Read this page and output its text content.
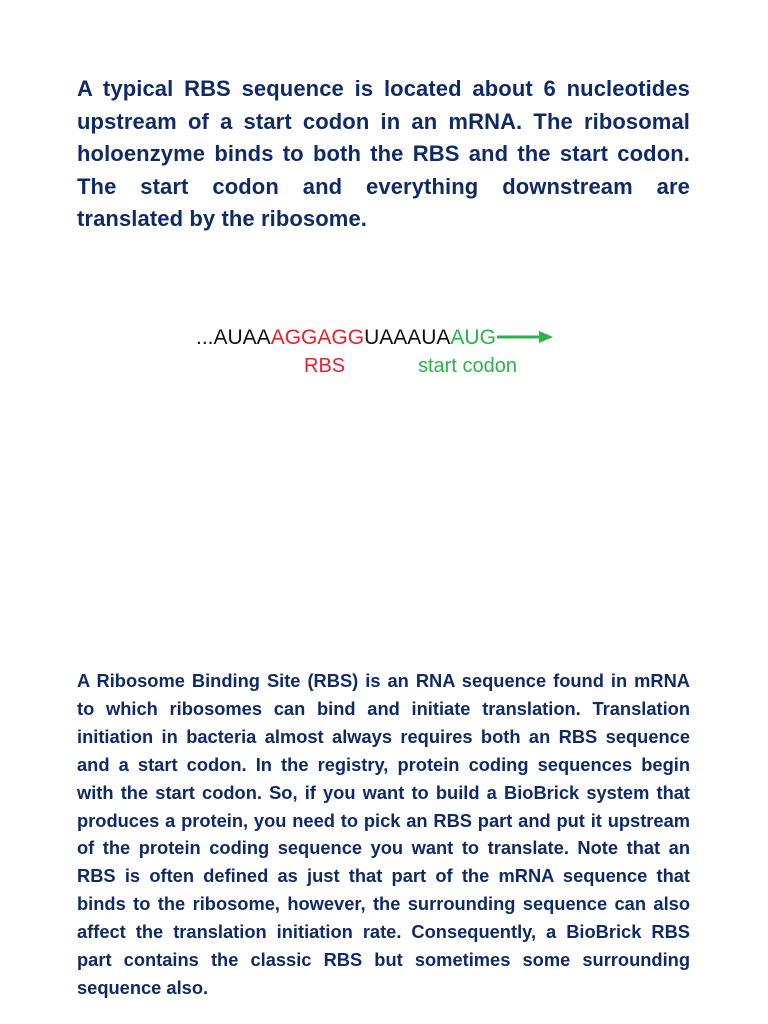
A typical RBS sequence is located about 6 nucleotides upstream of a start codon in an mRNA. The ribosomal holoenzyme binds to both the RBS and the start codon. The start codon and everything downstream are translated by the ribosome.

...AUAA AGGAGG UAAAUA AUG
RBS	start codon

A Ribosome Binding Site (RBS) is an RNA sequence found in mRNA to which ribosomes can bind and initiate translation. Translation initiation in bacteria almost always requires both an RBS sequence and a start codon. In the registry, protein coding sequences begin with the start codon. So, if you want to build a BioBrick system that produces a protein, you need to pick an RBS part and put it upstream of the protein coding sequence you want to translate. Note that an RBS is often defined as just that part of the mRNA sequence that binds to the ribosome, however, the surrounding sequence can also affect the translation initiation rate. Consequently, a BioBrick RBS part contains the classic RBS but sometimes some surrounding sequence also.
